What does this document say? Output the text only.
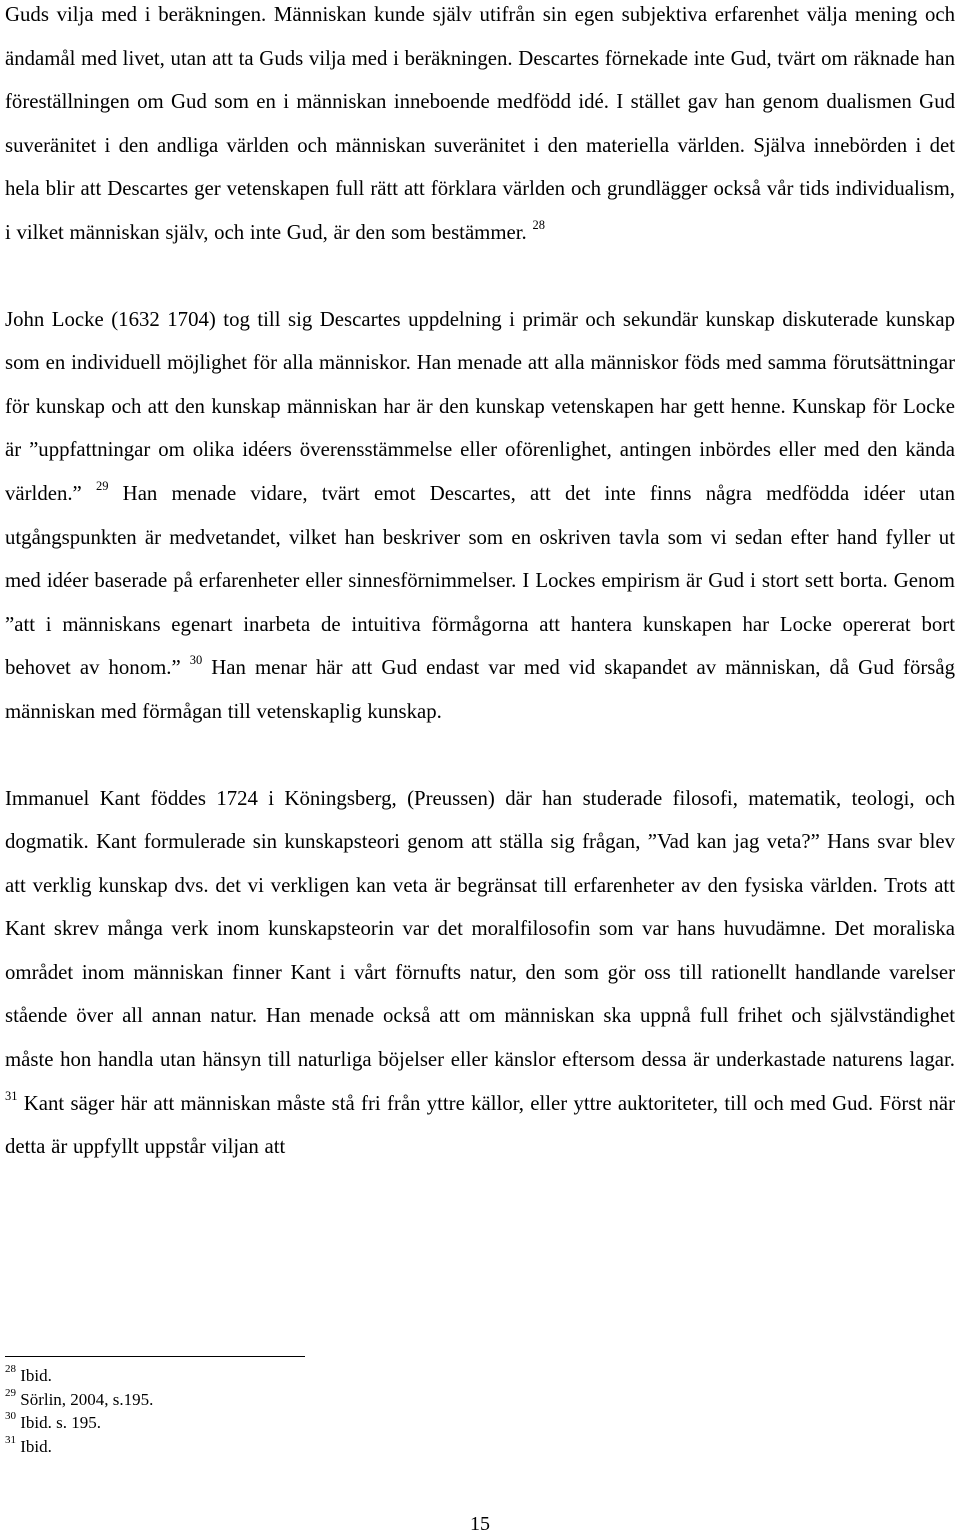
Guds vilja med i beräkningen. Människan kunde själv utifrån sin egen subjektiva erfarenhet välja mening och ändamål med livet, utan att ta Guds vilja med i beräkningen. Descartes förnekade inte Gud, tvärt om räknade han föreställningen om Gud som en i människan inneboende medfödd idé. I stället gav han genom dualismen Gud suveränitet i den andliga världen och människan suveränitet i den materiella världen. Själva innebörden i det hela blir att Descartes ger vetenskapen full rätt att förklara världen och grundlägger också vår tids individualism, i vilket människan själv, och inte Gud, är den som bestämmer. $^{28}$

John Locke (1632 1704) tog till sig Descartes uppdelning i primär och sekundär kunskap diskuterade kunskap som en individuell möjlighet för alla människor. Han menade att alla människor föds med samma förutsättningar för kunskap och att den kunskap människan har är den kunskap vetenskapen har gett henne. Kunskap för Locke är ”uppfattningar om olika idéers överensstämmelse eller oförenlighet, antingen inbördes eller med den kända världen.” $^{29}$ Han menade vidare, tvärt emot Descartes, att det inte finns några medfödda idéer utan utgångspunkten är medvetandet, vilket han beskriver som en oskriven tavla som vi sedan efter hand fyller ut med idéer baserade på erfarenheter eller sinnesförnimmelser. I Lockes empirism är Gud i stort sett borta. Genom ”att i människans egenart inarbeta de intuitiva förmågorna att hantera kunskapen har Locke opererat bort behovet av honom.” $^{30}$ Han menar här att Gud endast var med vid skapandet av människan, då Gud försåg människan med förmågan till vetenskaplig kunskap.

Immanuel Kant föddes 1724 i Köningsberg, (Preussen) där han studerade filosofi, matematik, teologi, och dogmatik. Kant formulerade sin kunskapsteori genom att ställa sig frågan, ”Vad kan jag veta?” Hans svar blev att verklig kunskap dvs. det vi verkligen kan veta är begränsat till erfarenheter av den fysiska världen. Trots att Kant skrev många verk inom kunskapsteorin var det moralfilosofin som var hans huvudämne. Det moraliska området inom människan finner Kant i vårt förnufts natur, den som gör oss till rationellt handlande varelser stående över all annan natur. Han menade också att om människan ska uppnå full frihet och självständighet måste hon handla utan hänsyn till naturliga böjelser eller känslor eftersom dessa är underkastade naturens lagar. $^{31}$ Kant säger här att människan måste stå fri från yttre källor, eller yttre auktoriteter, till och med Gud. Först när detta är uppfyllt uppstår viljan att

$^{28}$ Ibid.
$^{29}$ Sörlin, 2004, s.195.
$^{30}$ Ibid. s. 195.
$^{31}$ Ibid.
15
